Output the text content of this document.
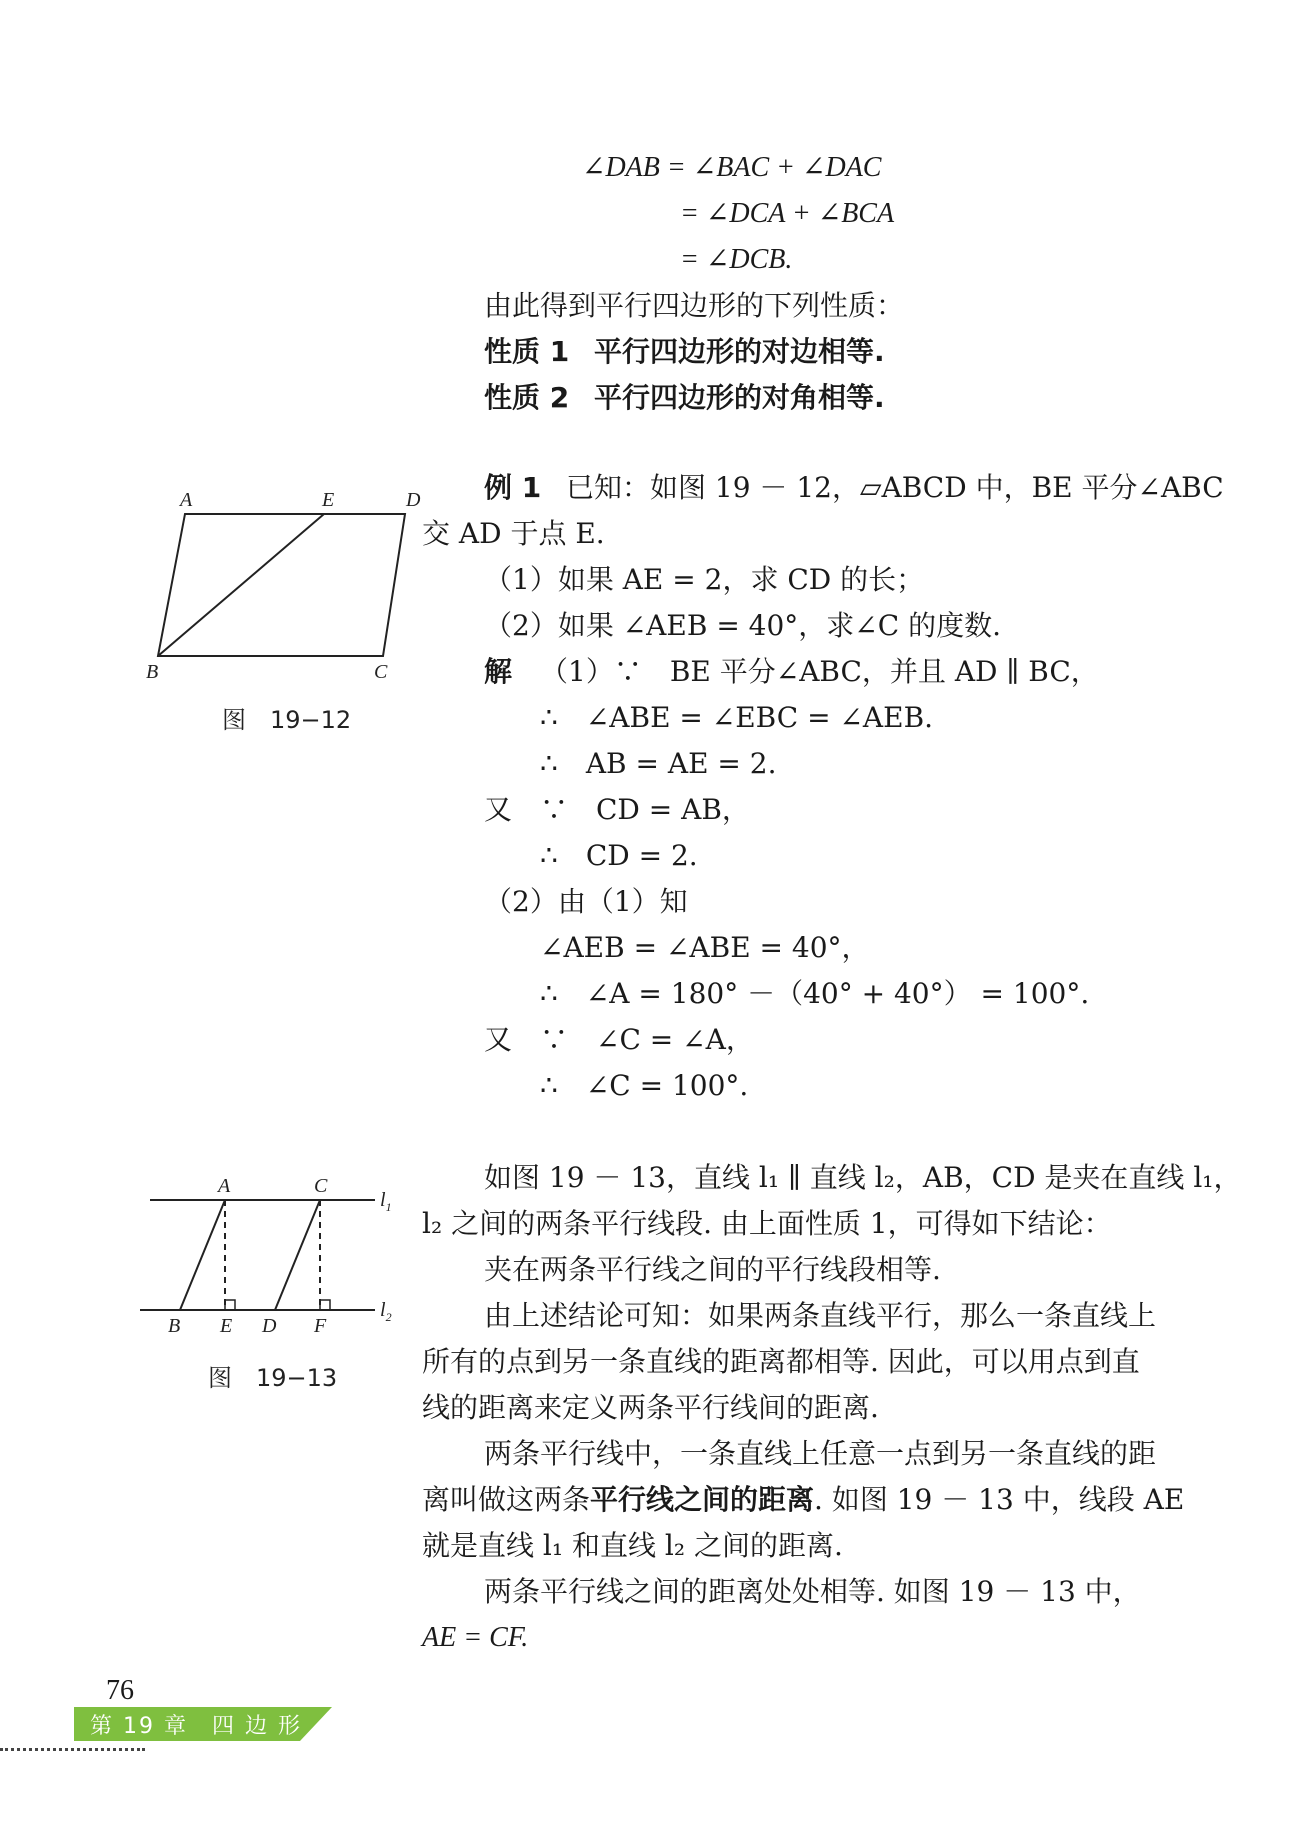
∠DAB = ∠BAC + ∠DAC
= ∠DCA + ∠BCA
= ∠DCB.
由此得到平行四边形的下列性质：
性质 1 平行四边形的对边相等.
性质 2 平行四边形的对角相等.
A	E	D
B	C
图　19−12
例 1 已知：如图 19 － 12，▱ABCD 中，BE 平分∠ABC
交 AD 于点 E.
（1）如果 AE = 2，求 CD 的长；
（2）如果 ∠AEB = 40°，求∠C 的度数.
解 （1）∵　BE 平分∠ABC，并且 AD ∥ BC，
∴　∠ABE = ∠EBC = ∠AEB.
∴　AB = AE = 2.
又　∵　CD = AB，
∴　CD = 2.
（2）由（1）知
∠AEB = ∠ABE = 40°，
∴　∠A = 180° －（40° + 40°） = 100°.
又　∵　∠C = ∠A，
∴　∠C = 100°.
A	C
$l_1$
$l_2$
B E D F
图　19−13
如图 19 － 13，直线 l₁ ∥ 直线 l₂，AB，CD 是夹在直线 l₁，
l₂ 之间的两条平行线段. 由上面性质 1，可得如下结论：
夹在两条平行线之间的平行线段相等.
由上述结论可知：如果两条直线平行，那么一条直线上
所有的点到另一条直线的距离都相等. 因此，可以用点到直
线的距离来定义两条平行线间的距离.
两条平行线中，一条直线上任意一点到另一条直线的距
离叫做这两条平行线之间的距离. 如图 19 － 13 中，线段 AE
就是直线 l₁ 和直线 l₂ 之间的距离.
两条平行线之间的距离处处相等. 如图 19 － 13 中，
AE = CF.
76
第 19 章　四 边 形
